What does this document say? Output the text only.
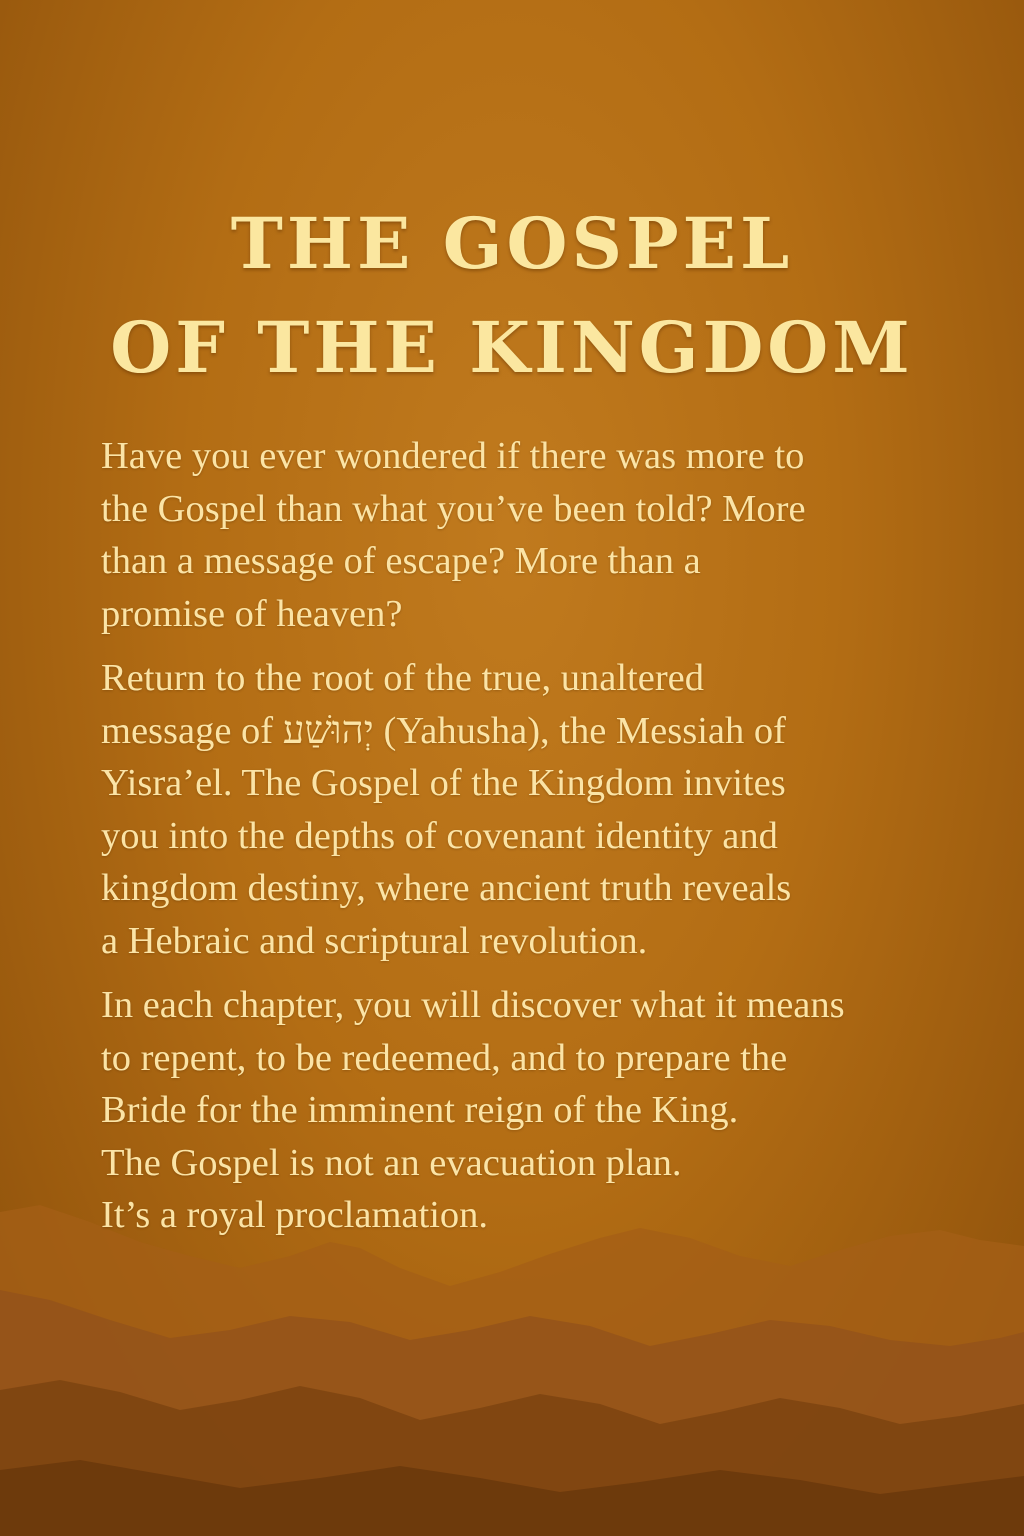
THE GOSPEL
OF THE KINGDOM

Have you ever wondered if there was more to
the Gospel than what you’ve been told? More
than a message of escape? More than a
promise of heaven?

Return to the root of the true, unaltered
message of יְהוּשַׁע (Yahusha), the Messiah of
Yisra’el. The Gospel of the Kingdom invites
you into the depths of covenant identity and
kingdom destiny, where ancient truth reveals
a Hebraic and scriptural revolution.

In each chapter, you will discover what it means
to repent, to be redeemed, and to prepare the
Bride for the imminent reign of the King.
The Gospel is not an evacuation plan.
It’s a royal proclamation.
